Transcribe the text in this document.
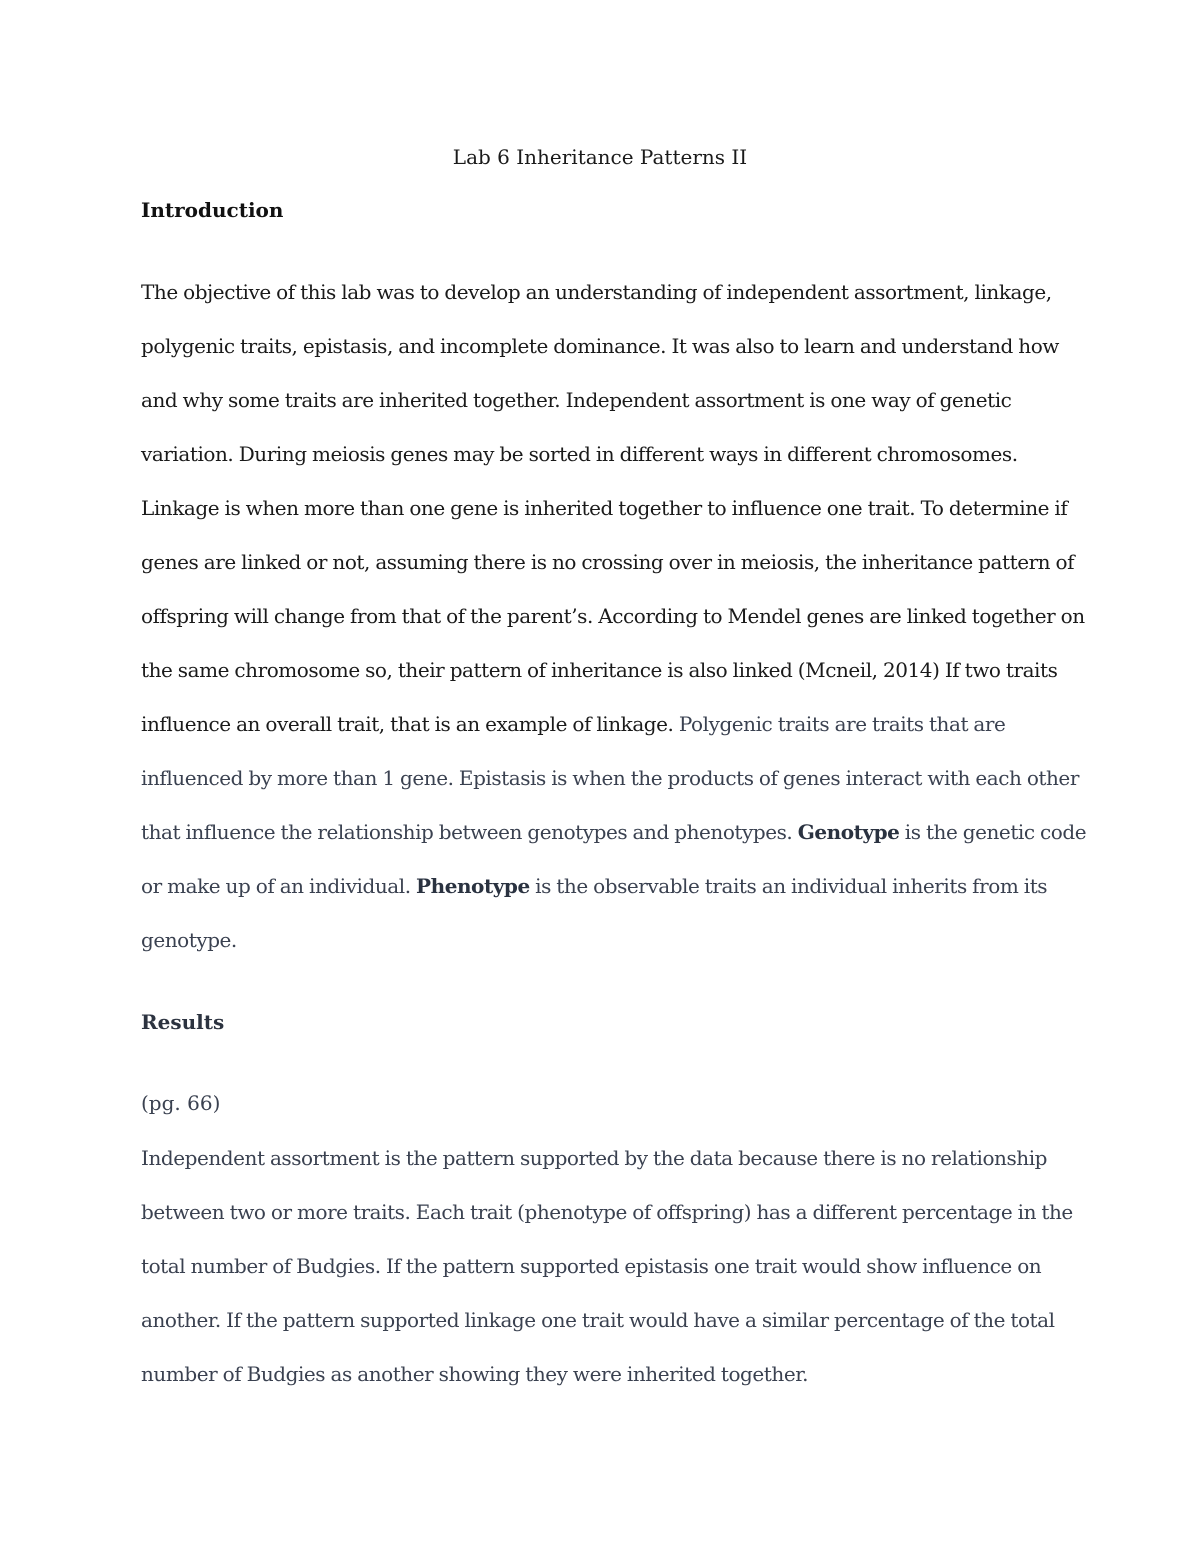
Lab 6 Inheritance Patterns II
Introduction

The objective of this lab was to develop an understanding of independent assortment, linkage,
polygenic traits, epistasis, and incomplete dominance. It was also to learn and understand how
and why some traits are inherited together. Independent assortment is one way of genetic
variation. During meiosis genes may be sorted in different ways in different chromosomes.
Linkage is when more than one gene is inherited together to influence one trait. To determine if
genes are linked or not, assuming there is no crossing over in meiosis, the inheritance pattern of
offspring will change from that of the parent’s. According to Mendel genes are linked together on
the same chromosome so, their pattern of inheritance is also linked (Mcneil, 2014) If two traits
influence an overall trait, that is an example of linkage. Polygenic traits are traits that are
influenced by more than 1 gene. Epistasis is when the products of genes interact with each other
that influence the relationship between genotypes and phenotypes. Genotype is the genetic code
or make up of an individual. Phenotype is the observable traits an individual inherits from its
genotype.

Results
(pg. 66)

Independent assortment is the pattern supported by the data because there is no relationship
between two or more traits. Each trait (phenotype of offspring) has a different percentage in the
total number of Budgies. If the pattern supported epistasis one trait would show influence on
another. If the pattern supported linkage one trait would have a similar percentage of the total
number of Budgies as another showing they were inherited together.
